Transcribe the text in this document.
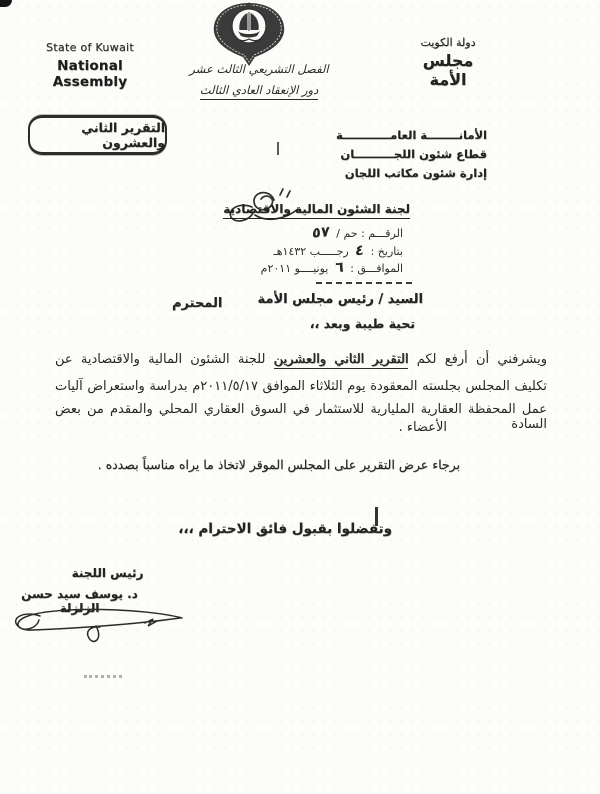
State of Kuwait
National Assembly
دولة الكويت
مجلس الأمة
الفصل التشريعي الثالث عشر
دور الإنعقاد العادي الثالث
التقرير الثاني والعشرون	الأمانــــــــة العامــــــــــــة
قطاع شئون اللجــــــــــان
إدارة شئون مكاتب اللجان
لجنة الشئون المالية والاقتصادية
الرقـــم : حم / ٥٧
بتاريخ : ٤ رجـــــب ١٤٣٢هـ
الموافـــق : ٦ يونيــــو ٢٠١١م
السيد / رئيس مجلس الأمة
المحترم
تحية طيبة وبعد ،،
ويشرفني أن أرفع لكم التقرير الثاني والعشرين للجنة الشئون المالية والاقتصادية عن
تكليف المجلس بجلسته المعقودة يوم الثلاثاء الموافق ٢٠١١/٥/١٧م بدراسة واستعراض آليات
عمل المحفظة العقارية المليارية للاستثمار في السوق العقاري المحلي والمقدم من بعض السادة
الأعضاء .
برجاء عرض التقرير على المجلس الموقر لاتخاذ ما يراه مناسباً بصدده .
وتفضلوا بقبول فائق الاحترام ،،،
رئيس اللجنة
د. يوسف سيد حسن الزلزلة
